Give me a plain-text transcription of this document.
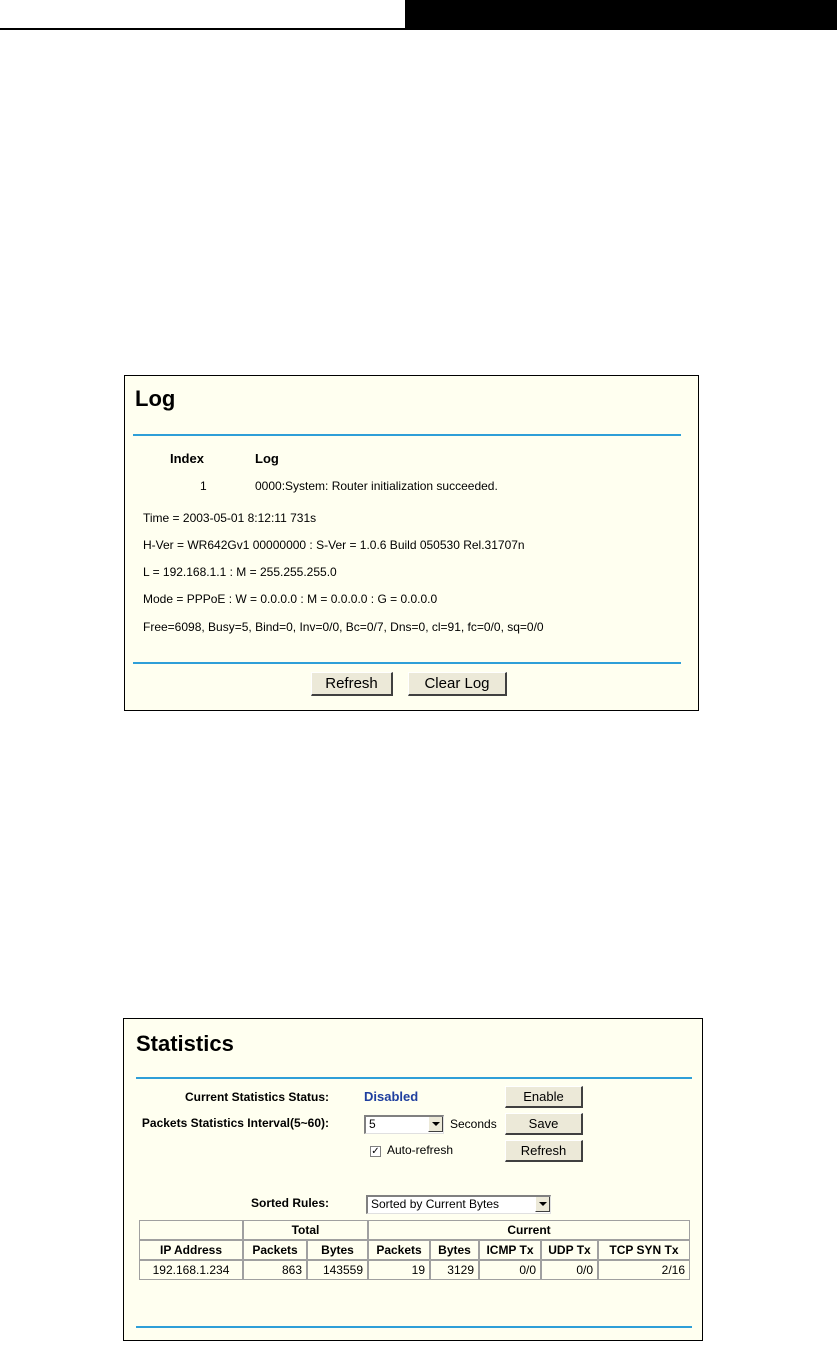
Log
Index	Log
1	0000:System: Router initialization succeeded.
Time = 2003-05-01 8:12:11 731s
H-Ver = WR642Gv1 00000000 : S-Ver = 1.0.6 Build 050530 Rel.31707n
L = 192.168.1.1 : M = 255.255.255.0
Mode = PPPoE : W = 0.0.0.0 : M = 0.0.0.0 : G = 0.0.0.0
Free=6098, Busy=5, Bind=0, Inv=0/0, Bc=0/7, Dns=0, cl=91, fc=0/0, sq=0/0
Refresh	Clear Log
Statistics
Current Statistics Status:	Disabled	Enable
Packets Statistics Interval(5~60):	5	Seconds	Save
✓ Auto-refresh	Refresh
Sorted Rules:	Sorted by Current Bytes
	Total		Current				
IP Address	Packets	Bytes	Packets	Bytes	ICMP Tx	UDP Tx	TCP SYN Tx
192.168.1.234	863	143559	19	3129	0/0	0/0	2/16
